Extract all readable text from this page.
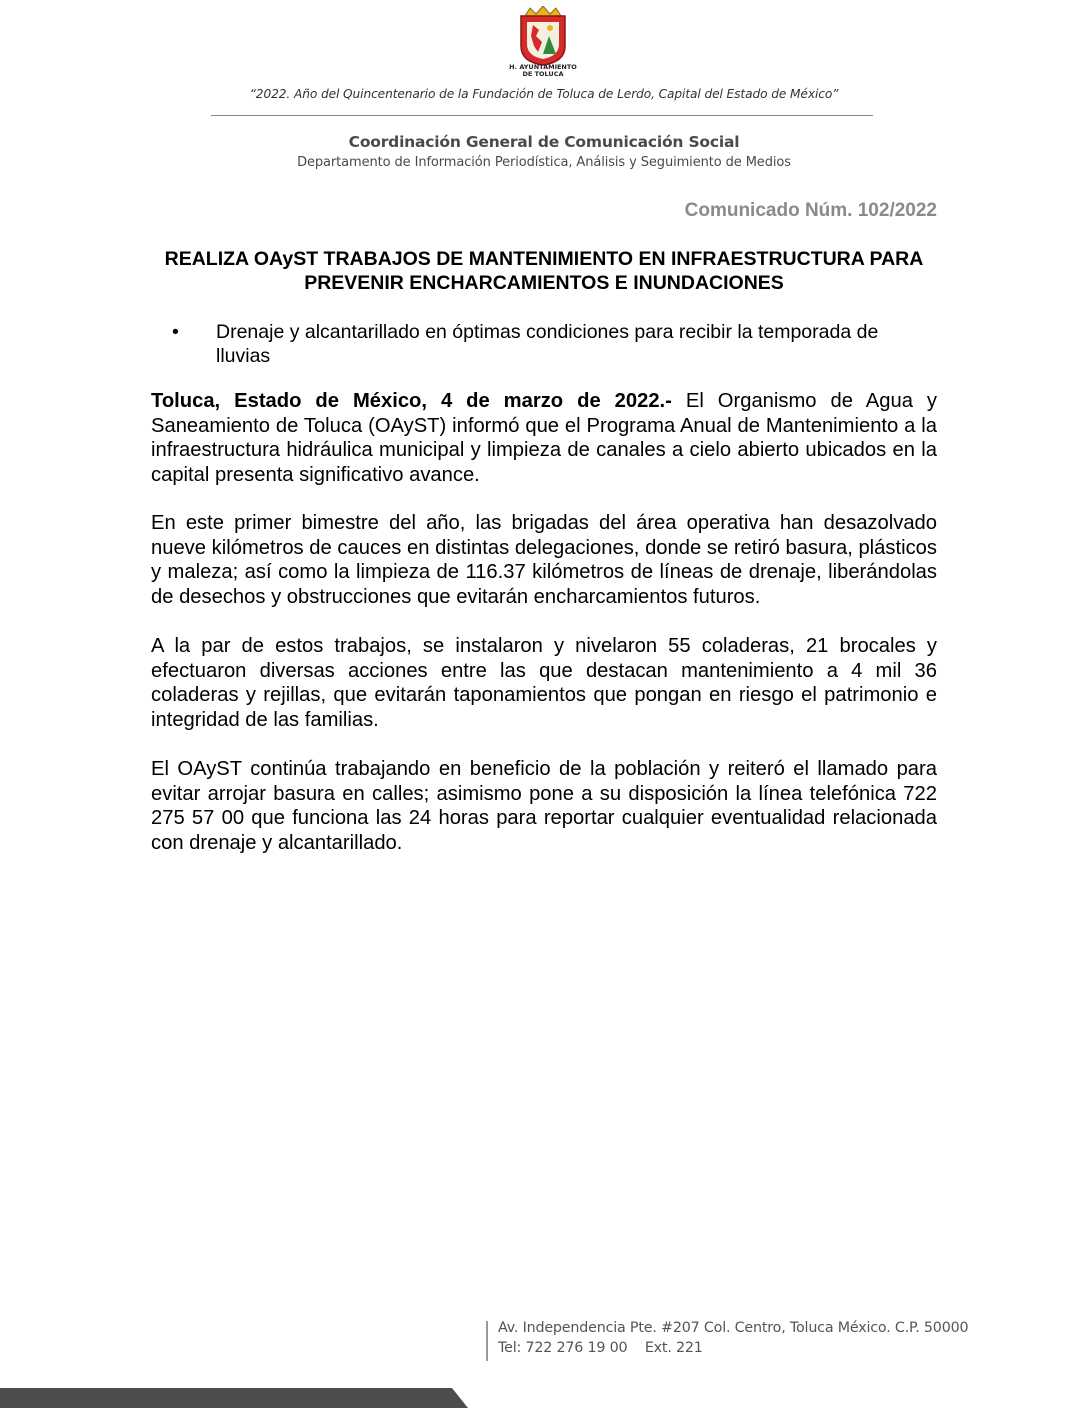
H. AYUNTAMIENTO
DE TOLUCA
“2022. Año del Quincentenario de la Fundación de Toluca de Lerdo, Capital del Estado de México”
Coordinación General de Comunicación Social
Departamento de Información Periodística, Análisis y Seguimiento de Medios
Comunicado Núm. 102/2022
REALIZA OAyST TRABAJOS DE MANTENIMIENTO EN INFRAESTRUCTURA PARA PREVENIR ENCHARCAMIENTOS E INUNDACIONES
• Drenaje y alcantarillado en óptimas condiciones para recibir la temporada de lluvias

Toluca, Estado de México, 4 de marzo de 2022.- El Organismo de Agua y Saneamiento de Toluca (OAyST) informó que el Programa Anual de Mantenimiento a la infraestructura hidráulica municipal y limpieza de canales a cielo abierto ubicados en la capital presenta significativo avance.

En este primer bimestre del año, las brigadas del área operativa han desazolvado nueve kilómetros de cauces en distintas delegaciones, donde se retiró basura, plásticos y maleza; así como la limpieza de 116.37 kilómetros de líneas de drenaje, liberándolas de desechos y obstrucciones que evitarán encharcamientos futuros.

A la par de estos trabajos, se instalaron y nivelaron 55 coladeras, 21 brocales y efectuaron diversas acciones entre las que destacan mantenimiento a 4 mil 36 coladeras y rejillas, que evitarán taponamientos que pongan en riesgo el patrimonio e integridad de las familias.

El OAyST continúa trabajando en beneficio de la población y reiteró el llamado para evitar arrojar basura en calles; asimismo pone a su disposición la línea telefónica 722 275 57 00 que funciona las 24 horas para reportar cualquier eventualidad relacionada con drenaje y alcantarillado.

Av. Independencia Pte. #207 Col. Centro, Toluca México. C.P. 50000
Tel: 722 276 19 00 Ext. 221
